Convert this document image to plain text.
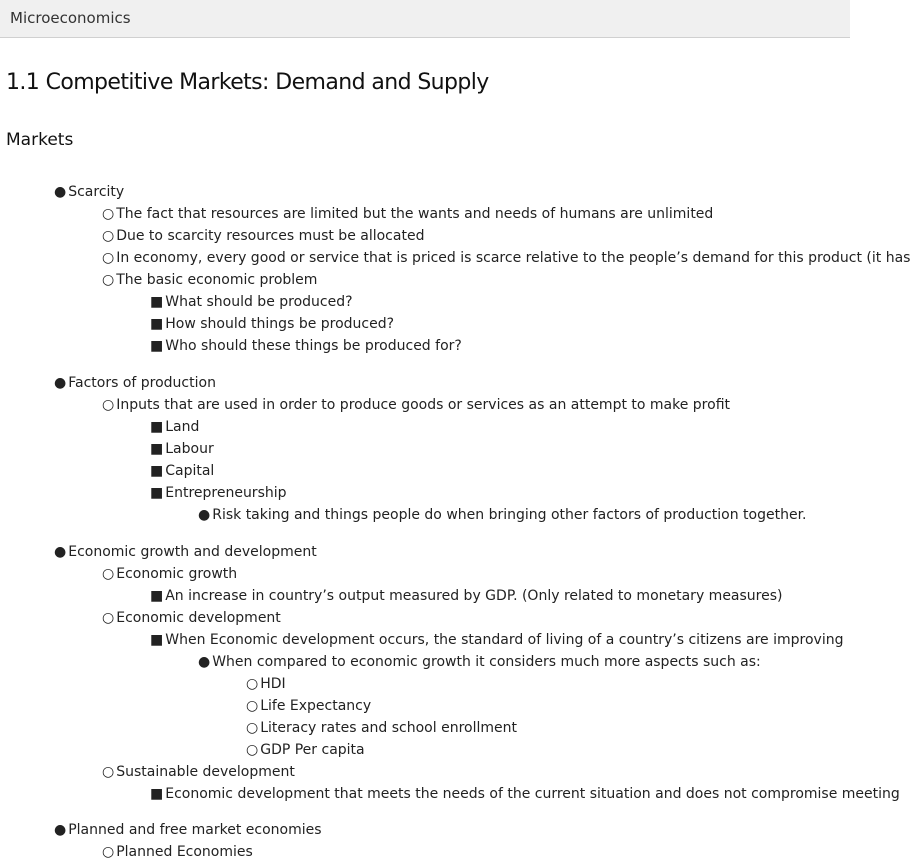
Microeconomics
1.1 Competitive Markets: Demand and Supply
Markets
● Scarcity
○ The fact that resources are limited but the wants and needs of humans are unlimited
○ Due to scarcity resources must be allocated
○ In economy, every good or service that is priced is scarce relative to the people’s demand for this product (it has
○ The basic economic problem
■ What should be produced?
■ How should things be produced?
■ Who should these things be produced for?
● Factors of production
○ Inputs that are used in order to produce goods or services as an attempt to make profit
■ Land
■ Labour
■ Capital
■ Entrepreneurship
● Risk taking and things people do when bringing other factors of production together.
● Economic growth and development
○ Economic growth
■ An increase in country’s output measured by GDP. (Only related to monetary measures)
○ Economic development
■ When Economic development occurs, the standard of living of a country’s citizens are improving
● When compared to economic growth it considers much more aspects such as:
○ HDI
○ Life Expectancy
○ Literacy rates and school enrollment
○ GDP Per capita
○ Sustainable development
■ Economic development that meets the needs of the current situation and does not compromise meeting
● Planned and free market economies
○ Planned Economies
